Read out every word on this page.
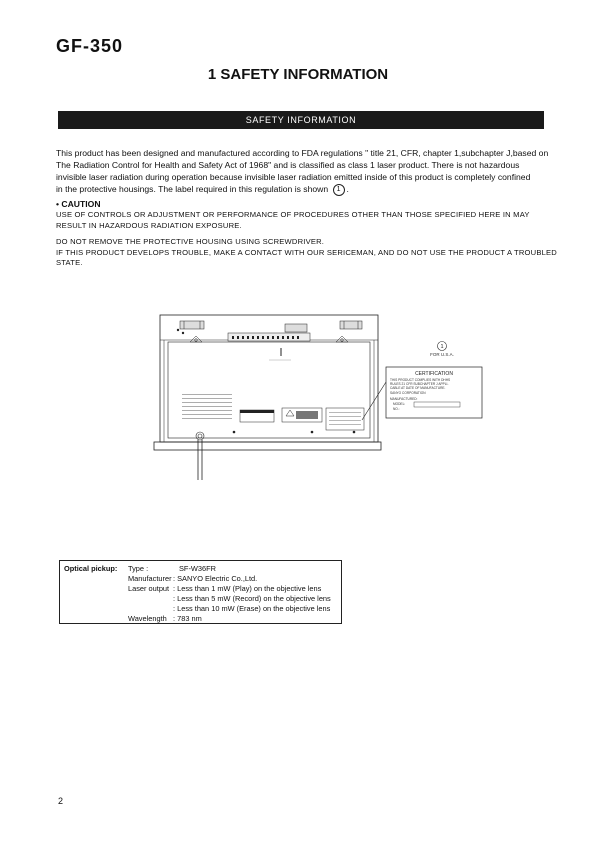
GF-350
1 SAFETY INFORMATION
SAFETY INFORMATION
This product has been designed and manufactured according to FDA regulations " title 21, CFR, chapter 1,subchapter J,based on
The Radiation Control for Health and Safety Act of 1968" and is classified as class 1 laser product. There is not hazardous
invisible laser radiation during operation because invisible laser radiation emitted inside of this product is completely confined
in the protective housings. The label required in this regulation is shown 1 .
• CAUTION
USE OF CONTROLS OR ADJUSTMENT OR PERFORMANCE OF PROCEDURES OTHER THAN THOSE SPECIFIED HERE IN MAY
RESULT IN HAZARDOUS RADIATION EXPOSURE.
DO NOT REMOVE THE PROTECTIVE HOUSING USING SCREWDRIVER.
IF THIS PRODUCT DEVELOPS TROUBLE, MAKE A CONTACT WITH OUR SERICEMAN, AND DO NOT USE THE PRODUCT A TROUBLED
STATE.
1
FOR U.S.A.
CERTIFICATION
THIS PRODUCT COMPLIES WITH DHHS
RULES 21 CFR SUBCHAPTER J APPLI-
CABLE AT DATE OF MANUFACTURE.
SANYO CORPORATION
MANUFACTURED:
MODEL:
NO.:
Optical pickup: Type :	SF-W36FR
Manufacturer : SANYO Electric Co.,Ltd.
Laser output : Less than 1 mW (Play) on the objective lens
: Less than 5 mW (Record) on the objective lens
: Less than 10 mW (Erase) on the objective lens
Wavelength : 783 nm
2
